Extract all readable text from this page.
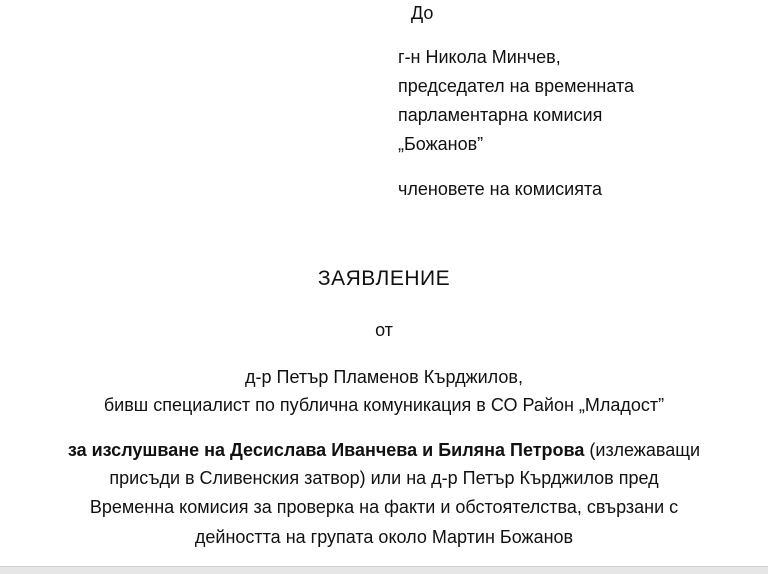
До
г-н Никола Минчев,
председател на временната
парламентарна комисия
„Божанов”
членовете на комисията
ЗАЯВЛЕНИЕ
от
д-р Петър Пламенов Кърджилов,
бивш специалист по публична комуникация в СО Район „Младост”
за изслушване на Десислава Иванчева и Биляна Петрова (излежаващи
присъди в Сливенския затвор) или на д-р Петър Кърджилов пред
Временна комисия за проверка на факти и обстоятелства, свързани с
дейността на групата около Мартин Божанов
